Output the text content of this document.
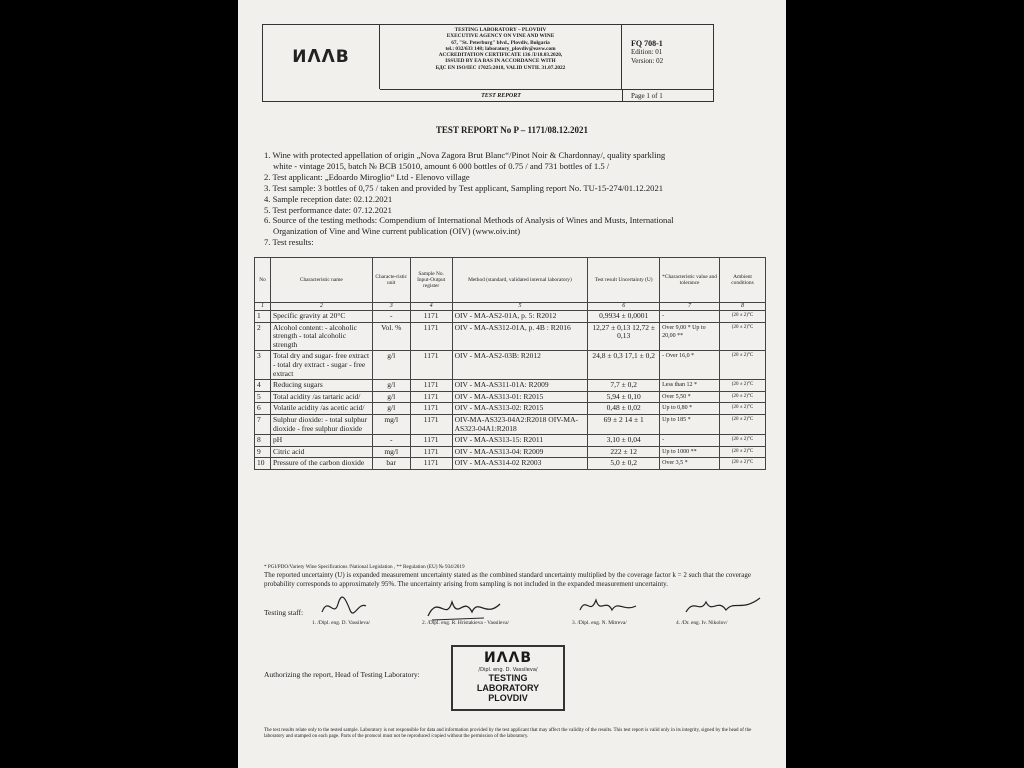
ИᐱᐱВ
TESTING LABORATORY – PLOVDIV
EXECUTIVE AGENCY ON VINE AND WINE
67, "St. Peterburg" blvd., Plovdiv, Bulgaria
tel.: 032/633 148; laboratory_plovdiv@eavw.com
ACCREDITATION CERTIFICATE 136 Л/18.03.2020,
ISSUED BY EA BAS IN ACCORDANCE WITH
БДС EN ISO/IEC 17025:2018, VALID UNTIL 31.07.2022
FQ 708-1
Edition: 01
Version: 02
TEST REPORT	Page 1 of 1
TEST REPORT No P – 1171/08.12.2021
1. Wine with protected appellation of origin „Nova Zagora Brut Blanc“/Pinot Noir & Chardonnay/, quality sparkling
white - vintage 2015, batch № BCB 15010, amount 6 000 bottles of 0.75 / and 731 bottles of 1.5 /
2. Test applicant: „Edoardo Miroglio“ Ltd - Elenovo village
3. Test sample: 3 bottles of 0,75 / taken and provided by Test applicant, Sampling report No. TU-15-274/01.12.2021
4. Sample reception date: 02.12.2021
5. Test performance date: 07.12.2021
6. Source of the testing methods: Compendium of International Methods of Analysis of Wines and Musts, International
Organization of Vine and Wine current publication (OIV) (www.oiv.int)
7. Test results:
No	Characteristic name	Characte-ristic unit	Sample No. Input-Output register	Method (standard, validated internal laboratory)	Test result Uncertainty (U)	*Characteristic value and tolerance	Ambient conditions
1	2	3	4	5	6	7	8
1	Specific gravity at 20°C	-	1171	OIV - MA-AS2-01A, p. 5: R2012	0,9934 ± 0,0001	-	(20 ± 2)°C
2	Alcohol content: - alcoholic strength - total alcoholic strength	Vol. %	1171	OIV - MA-AS312-01A, p. 4B : R2016	12,27 ± 0,13 12,72 ± 0,13	Over 9,00 * Up to 20,00 **	(20 ± 2)°C
3	Total dry and sugar- free extract - total dry extract - sugar - free extract	g/l	1171	OIV - MA-AS2-03B: R2012	24,8 ± 0,3 17,1 ± 0,2	- Over 16,0 *	(20 ± 2)°C
4	Reducing sugars	g/l	1171	OIV - MA-AS311-01A: R2009	7,7 ± 0,2	Less than 12 *	(20 ± 2)°C
5	Total acidity /as tartaric acid/	g/l	1171	OIV - MA-AS313-01: R2015	5,94 ± 0,10	Over 5,50 *	(20 ± 2)°C
6	Volatile acidity /as acetic acid/	g/l	1171	OIV - MA-AS313-02: R2015	0,48 ± 0,02	Up to 0,80 *	(20 ± 2)°C
7	Sulphur dioxide: - total sulphur dioxide - free sulphur dioxide	mg/l	1171	OIV-MA-AS323-04A2:R2018 OIV-MA-AS323-04A1:R2018	69 ± 2 14 ± 1	Up to 185 *	(20 ± 2)°C
8	pH	-	1171	OIV - MA-AS313-15: R2011	3,10 ± 0,04	-	(20 ± 2)°C
9	Citric acid	mg/l	1171	OIV - MA-AS313-04: R2009	222 ± 12	Up to 1000 **	(20 ± 2)°C
10	Pressure of the carbon dioxide	bar	1171	OIV - MA-AS314-02 R2003	5,0 ± 0,2	Over 3,5 *	(20 ± 2)°C
* PGI/PDO/Variety Wine Specifications /National Legislation , ** Regulation (EU) № 934/2019
The reported uncertainty (U) is expanded measurement uncertainty stated as the combined standard uncertainty multiplied by the coverage factor k = 2 such that the coverage probability corresponds to approximately 95%. The uncertainty arising from sampling is not included in the expanded measurement uncertainty.
Testing staff:
1. /Dipl. eng. D. Vassileva/	2. /Dipl. eng. R. Hristakieva - Vassileva/	3. /Dipl. eng. N. Mitreva/	4. /Dr. eng. Iv. Nikolov/
Authorizing the report, Head of Testing Laboratory:
ИᐱᐱВ
/Dipl. eng. D. Vassileva/
TESTING
LABORATORY
PLOVDIV
The test results relate only to the tested sample. Laboratory is not responsible for data and information provided by the test applicant that may affect the validity of the results. This test report is valid only in its integrity, signed by the head of the laboratory and stamped on each page. Parts of the protocol must not be reproduced /copied without the permission of the laboratory.
